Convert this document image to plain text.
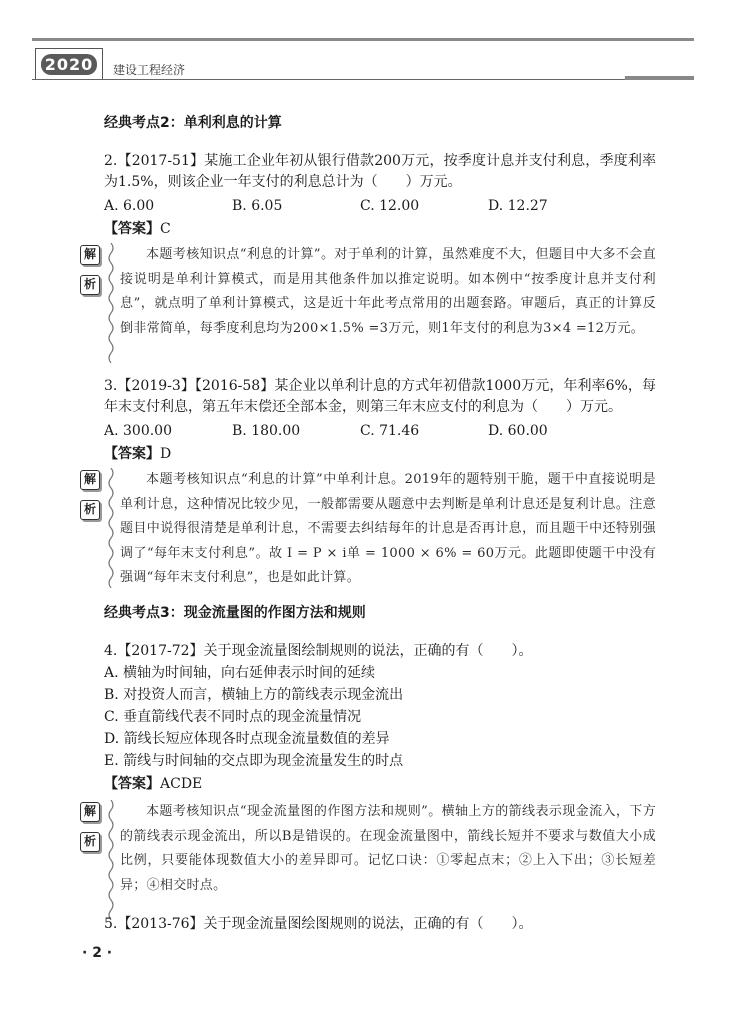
2020	建设工程经济
经典考点2：单利利息的计算
2.【2017-51】某施工企业年初从银行借款200万元，按季度计息并支付利息，季度利率为1.5%，则该企业一年支付的利息总计为（　　）万元。
A. 6.00	B. 6.05	C. 12.00	D. 12.27
【答案】C
解
析
本题考核知识点“利息的计算”。对于单利的计算，虽然难度不大，但题目中大多不会直接说明是单利计算模式，而是用其他条件加以推定说明。如本例中“按季度计息并支付利息”，就点明了单利计算模式，这是近十年此考点常用的出题套路。审题后，真正的计算反倒非常简单，每季度利息均为200×1.5% =3万元，则1年支付的利息为3×4 =12万元。
3.【2019-3】【2016-58】某企业以单利计息的方式年初借款1000万元，年利率6%，每年末支付利息，第五年末偿还全部本金，则第三年末应支付的利息为（　　）万元。
A. 300.00	B. 180.00	C. 71.46	D. 60.00
【答案】D
解
析
本题考核知识点“利息的计算”中单利计息。2019年的题特别干脆，题干中直接说明是单利计息，这种情况比较少见，一般都需要从题意中去判断是单利计息还是复利计息。注意题目中说得很清楚是单利计息，不需要去纠结每年的计息是否再计息，而且题干中还特别强调了“每年末支付利息”。故 I = P × i单 = 1000 × 6% = 60万元。此题即使题干中没有强调“每年末支付利息”，也是如此计算。
经典考点3：现金流量图的作图方法和规则
4.【2017-72】关于现金流量图绘制规则的说法，正确的有（　　）。
A. 横轴为时间轴，向右延伸表示时间的延续
B. 对投资人而言，横轴上方的箭线表示现金流出
C. 垂直箭线代表不同时点的现金流量情况
D. 箭线长短应体现各时点现金流量数值的差异
E. 箭线与时间轴的交点即为现金流量发生的时点
【答案】ACDE
解
析
本题考核知识点“现金流量图的作图方法和规则”。横轴上方的箭线表示现金流入，下方的箭线表示现金流出，所以B是错误的。在现金流量图中，箭线长短并不要求与数值大小成比例，只要能体现数值大小的差异即可。记忆口诀：①零起点末；②上入下出；③长短差异；④相交时点。
5.【2013-76】关于现金流量图绘图规则的说法，正确的有（　　）。
· 2 ·
